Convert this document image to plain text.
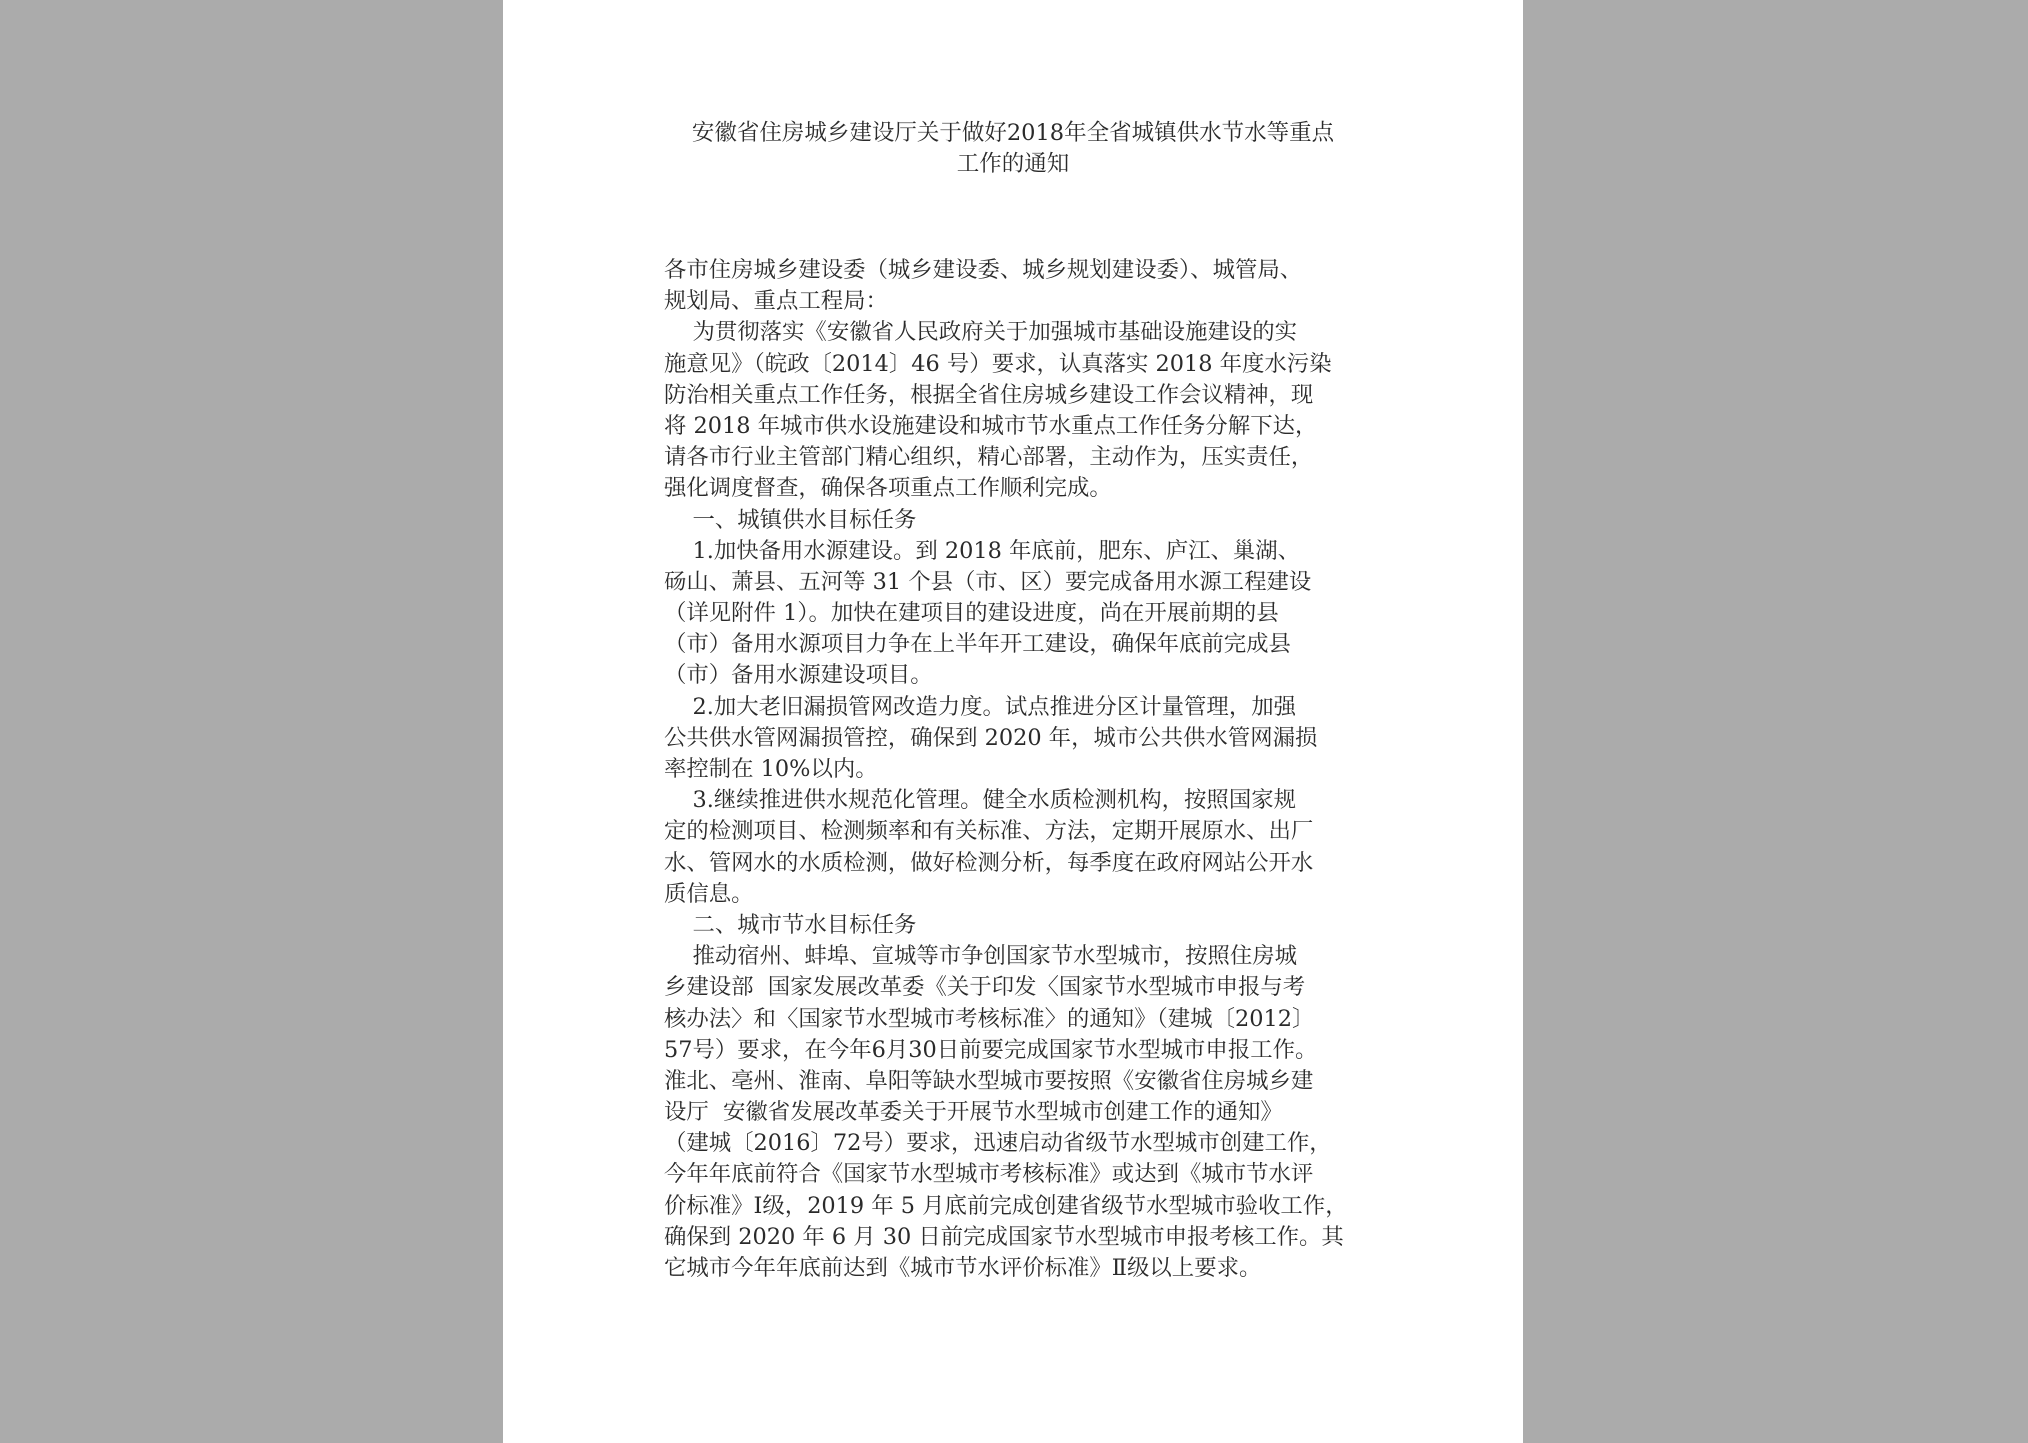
安徽省住房城乡建设厅关于做好2018年全省城镇供水节水等重点
工作的通知
各市住房城乡建设委（城乡建设委、城乡规划建设委）、城管局、
规划局、重点工程局：
为贯彻落实《安徽省人民政府关于加强城市基础设施建设的实
施意见》（皖政〔2014〕46 号）要求，认真落实 2018 年度水污染
防治相关重点工作任务，根据全省住房城乡建设工作会议精神，现
将 2018 年城市供水设施建设和城市节水重点工作任务分解下达，
请各市行业主管部门精心组织，精心部署，主动作为，压实责任，
强化调度督查，确保各项重点工作顺利完成。
一、城镇供水目标任务
1.加快备用水源建设。到 2018 年底前，肥东、庐江、巢湖、
砀山、萧县、五河等 31 个县（市、区）要完成备用水源工程建设
（详见附件 1）。加快在建项目的建设进度，尚在开展前期的县
（市）备用水源项目力争在上半年开工建设，确保年底前完成县
（市）备用水源建设项目。
2.加大老旧漏损管网改造力度。试点推进分区计量管理，加强
公共供水管网漏损管控，确保到 2020 年，城市公共供水管网漏损
率控制在 10%以内。
3.继续推进供水规范化管理。健全水质检测机构，按照国家规
定的检测项目、检测频率和有关标准、方法，定期开展原水、出厂
水、管网水的水质检测，做好检测分析，每季度在政府网站公开水
质信息。
二、城市节水目标任务
推动宿州、蚌埠、宣城等市争创国家节水型城市，按照住房城
乡建设部  国家发展改革委《关于印发〈国家节水型城市申报与考
核办法〉和〈国家节水型城市考核标准〉的通知》（建城〔2012〕
57号）要求，在今年6月30日前要完成国家节水型城市申报工作。
淮北、亳州、淮南、阜阳等缺水型城市要按照《安徽省住房城乡建
设厅  安徽省发展改革委关于开展节水型城市创建工作的通知》
（建城〔2016〕72号）要求，迅速启动省级节水型城市创建工作，
今年年底前符合《国家节水型城市考核标准》或达到《城市节水评
价标准》Ⅰ级，2019 年 5 月底前完成创建省级节水型城市验收工作，
确保到 2020 年 6 月 30 日前完成国家节水型城市申报考核工作。其
它城市今年年底前达到《城市节水评价标准》Ⅱ级以上要求。
